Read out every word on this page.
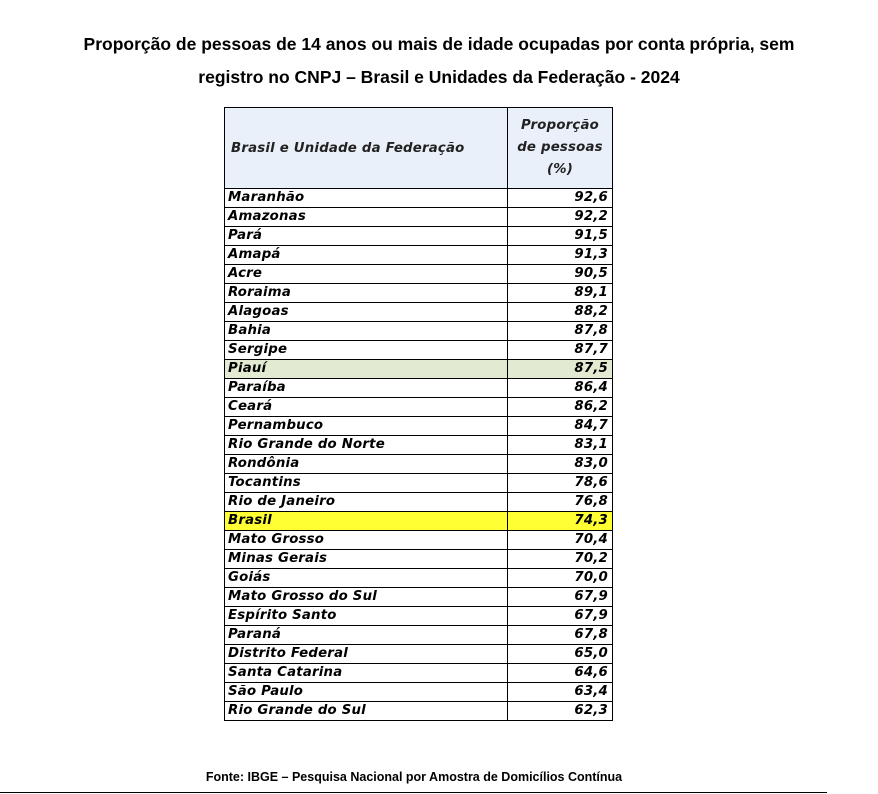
Proporção de pessoas de 14 anos ou mais de idade ocupadas por conta própria, sem
registro no CNPJ – Brasil e Unidades da Federação - 2024
Brasil e Unidade da Federação	Proporção
de pessoas
(%)
Maranhão	92,6
Amazonas	92,2
Pará	91,5
Amapá	91,3
Acre	90,5
Roraima	89,1
Alagoas	88,2
Bahia	87,8
Sergipe	87,7
Piauí	87,5
Paraíba	86,4
Ceará	86,2
Pernambuco	84,7
Rio Grande do Norte	83,1
Rondônia	83,0
Tocantins	78,6
Rio de Janeiro	76,8
Brasil	74,3
Mato Grosso	70,4
Minas Gerais	70,2
Goiás	70,0
Mato Grosso do Sul	67,9
Espírito Santo	67,9
Paraná	67,8
Distrito Federal	65,0
Santa Catarina	64,6
São Paulo	63,4
Rio Grande do Sul	62,3
Fonte: IBGE – Pesquisa Nacional por Amostra de Domicílios Contínua
